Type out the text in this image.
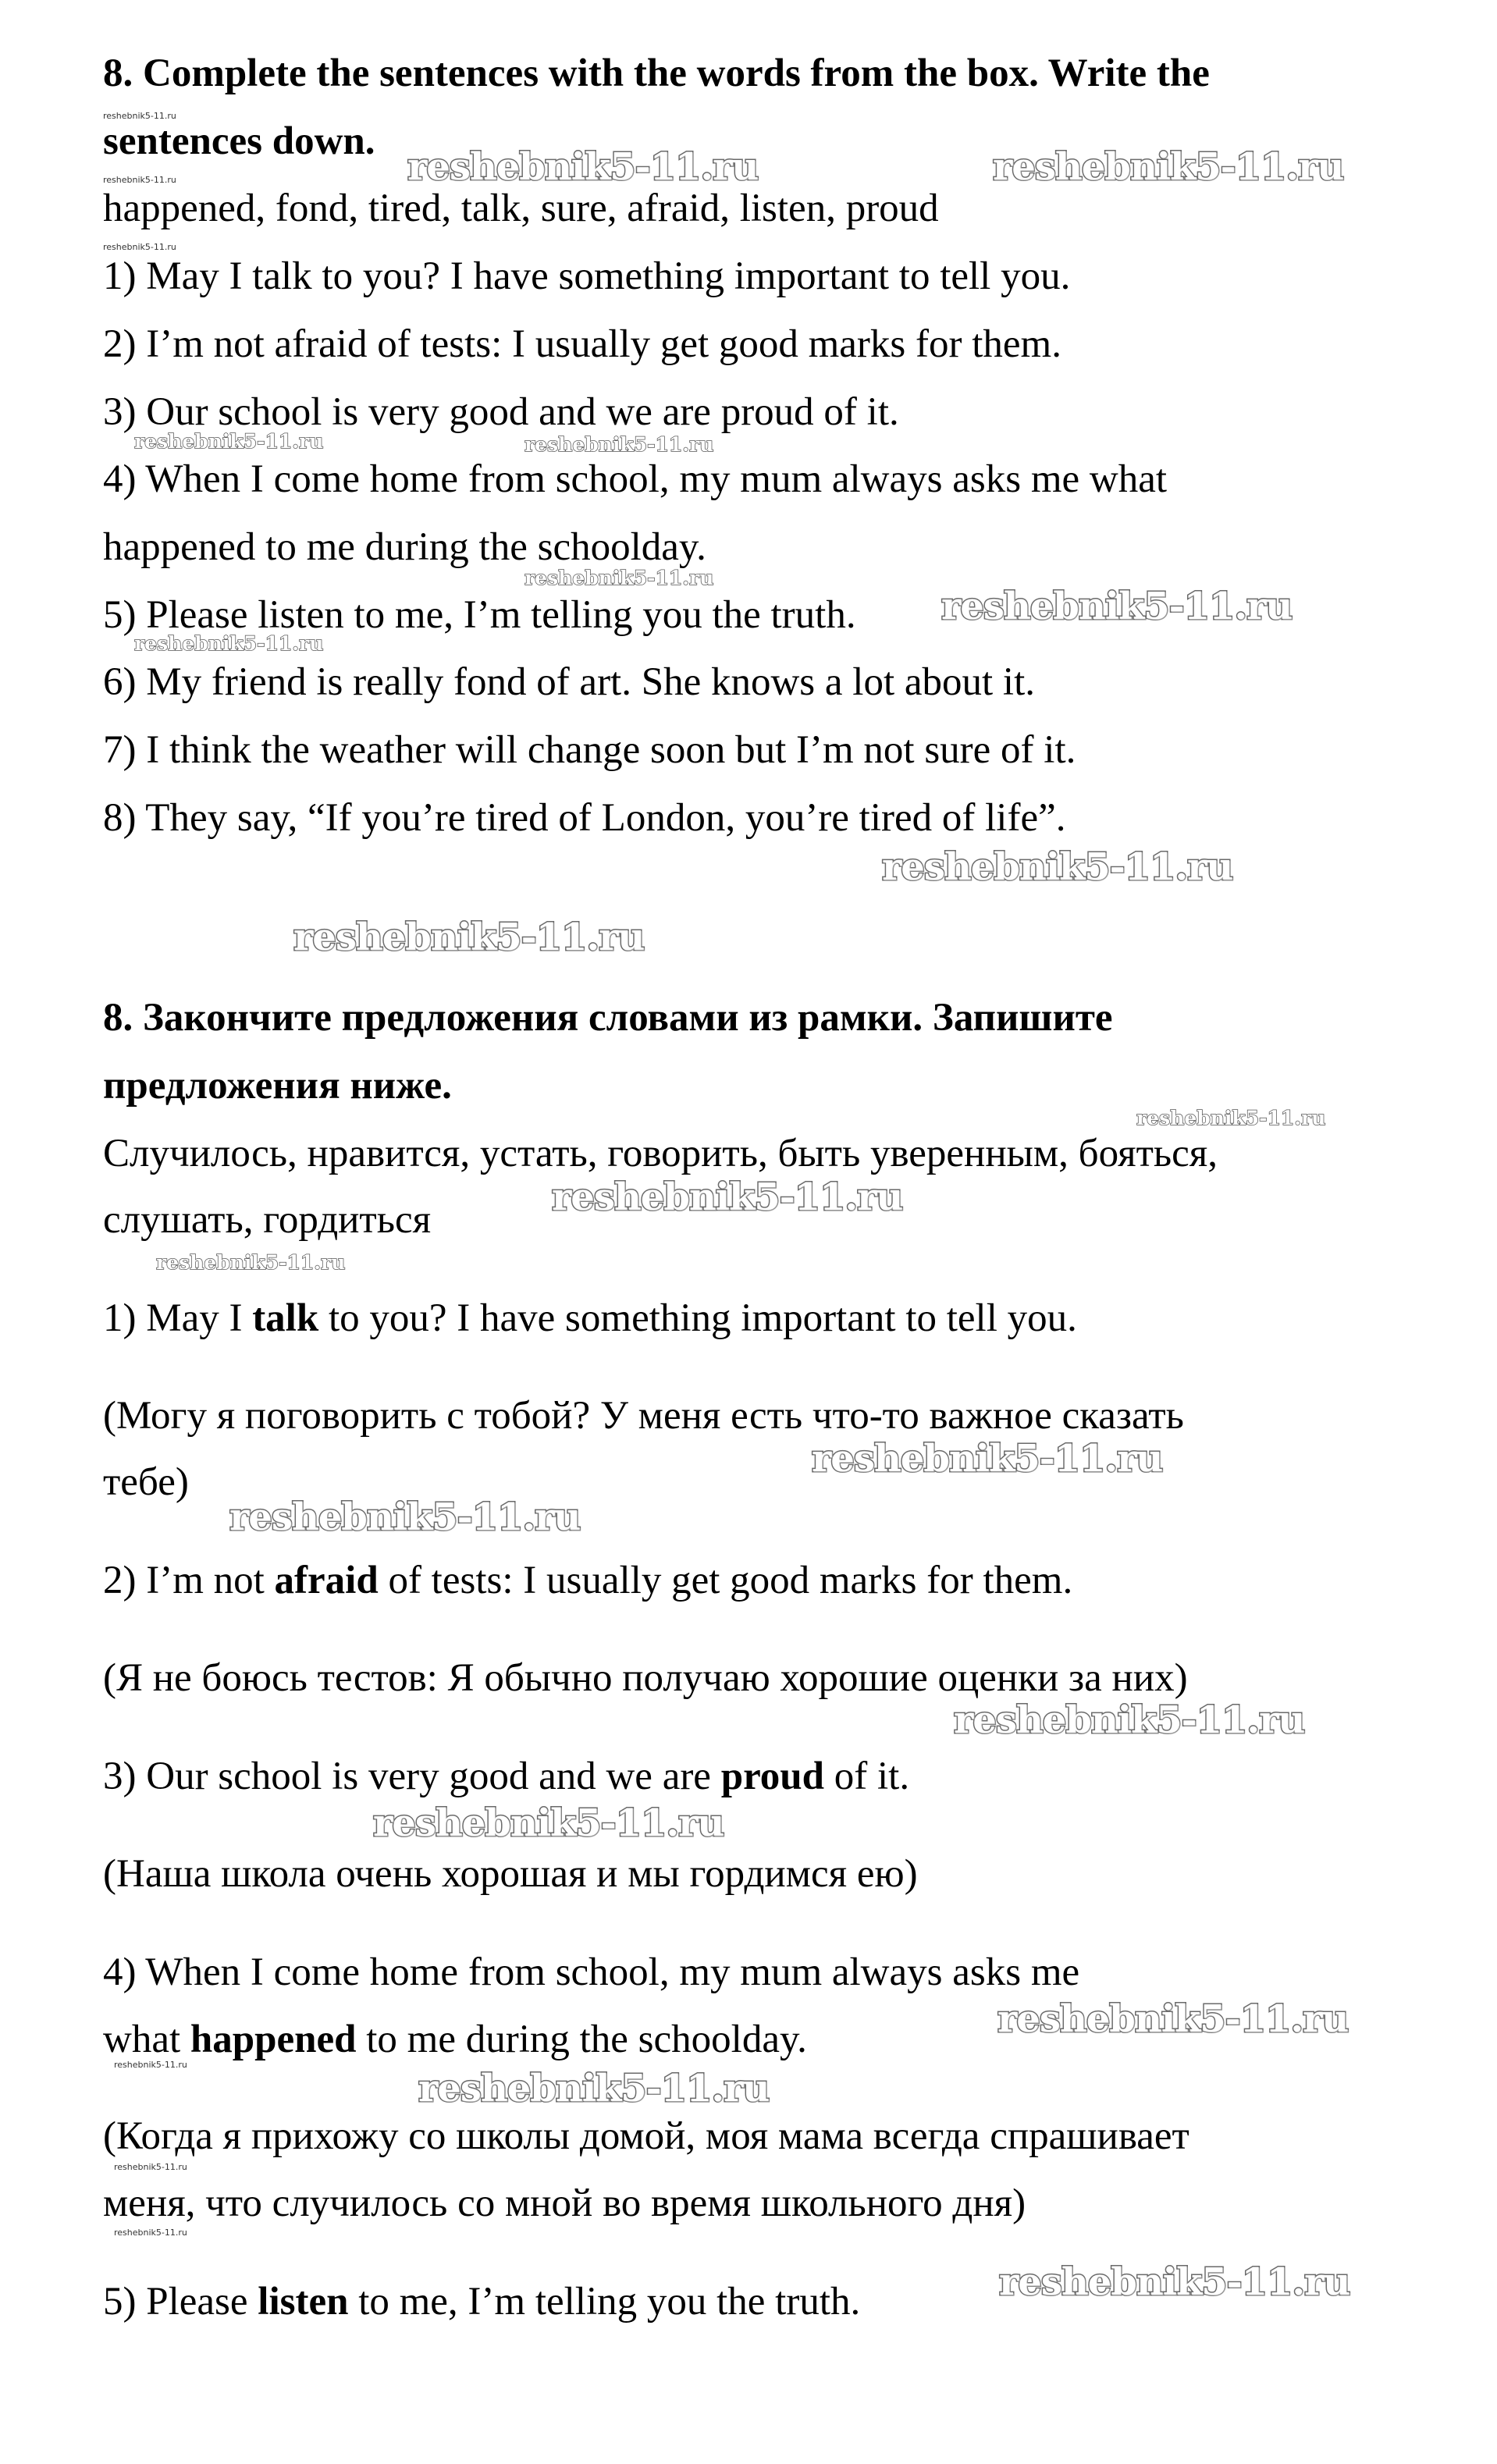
8. Complete the sentences with the words from the box. Write the

sentences down.

happened, fond, tired, talk, sure, afraid, listen, proud

1) May I talk to you? I have something important to tell you.

2) I’m not afraid of tests: I usually get good marks for them.

3) Our school is very good and we are proud of it.

4) When I come home from school, my mum always asks me what

happened to me during the schoolday.

5) Please listen to me, I’m telling you the truth.

6) My friend is really fond of art. She knows a lot about it.

7) I think the weather will change soon but I’m not sure of it.

8) They say, “If you’re tired of London, you’re tired of life”.

8. Закончите предложения словами из рамки. Запишите

предложения ниже.

Случилось, нравится, устать, говорить, быть уверенным, бояться,

слушать, гордиться

1) May I talk to you? I have something important to tell you.

(Могу я поговорить с тобой? У меня есть что-то важное сказать

тебе)

2) I’m not afraid of tests: I usually get good marks for them.

(Я не боюсь тестов: Я обычно получаю хорошие оценки за них)

3) Our school is very good and we are proud of it.

(Наша школа очень хорошая и мы гордимся ею)

4) When I come home from school, my mum always asks me

what happened to me during the schoolday.

(Когда я прихожу со школы домой, моя мама всегда спрашивает

меня, что случилось со мной во время школьного дня)

5) Please listen to me, I’m telling you the truth.

reshebnik5-11.ru	reshebnik5-11.ru
reshebnik5-11.ru
reshebnik5-11.ru
reshebnik5-11.ru
reshebnik5-11.ru
reshebnik5-11.ru
reshebnik5-11.ru
reshebnik5-11.ru
reshebnik5-11.ru
reshebnik5-11.ru
reshebnik5-11.ru
reshebnik5-11.ru
reshebnik5-11.ru	reshebnik5-11.ru
reshebnik5-11.ru
reshebnik5-11.ru
reshebnik5-11.ru
reshebnik5-11.ru
reshebnik5-11.ru
reshebnik5-11.ru
reshebnik5-11.ru
reshebnik5-11.ru
reshebnik5-11.ru
reshebnik5-11.ru
